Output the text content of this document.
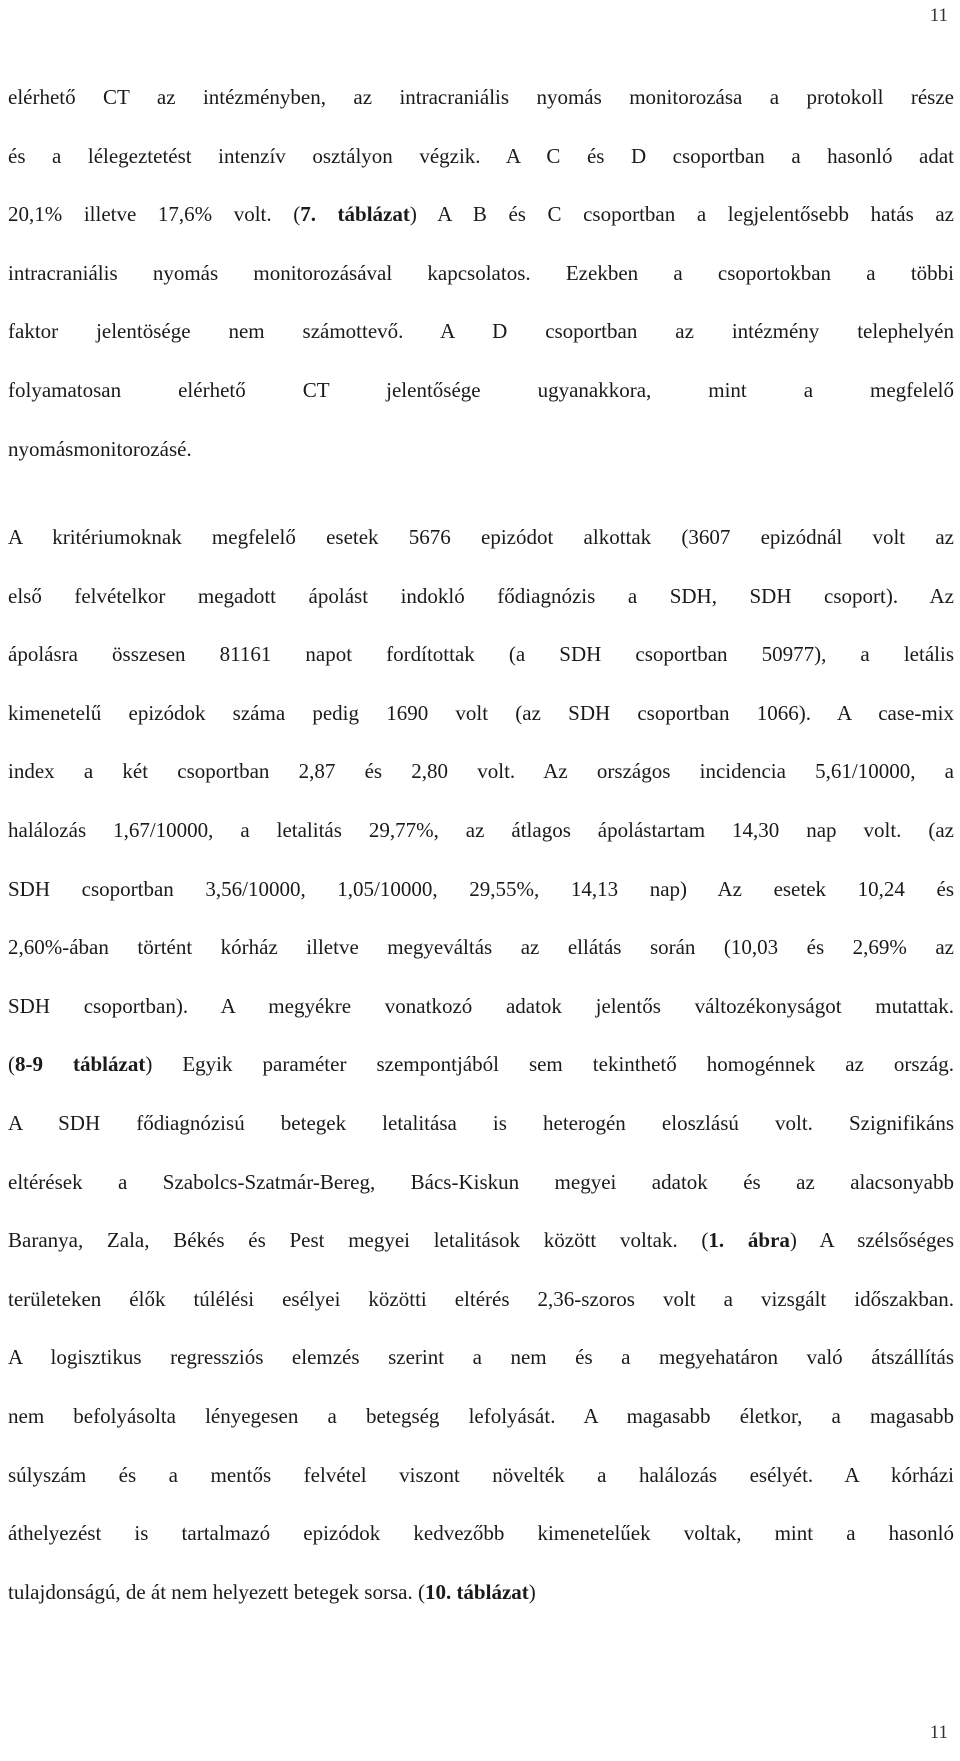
11
elérhető CT az intézményben, az intracraniális nyomás monitorozása a protokoll része
és a lélegeztetést intenzív osztályon végzik. A C és D csoportban a hasonló adat
20,1% illetve 17,6% volt. (7. táblázat) A B és C csoportban a legjelentősebb hatás az
intracraniális nyomás monitorozásával kapcsolatos. Ezekben a csoportokban a többi
faktor jelentösége nem számottevő. A D csoportban az intézmény telephelyén
folyamatosan elérhető CT jelentősége ugyanakkora, mint a megfelelő
nyomásmonitorozásé.
A kritériumoknak megfelelő esetek 5676 epizódot alkottak (3607 epizódnál volt az
első felvételkor megadott ápolást indokló fődiagnózis a SDH, SDH csoport). Az
ápolásra összesen 81161 napot fordítottak (a SDH csoportban 50977), a letális
kimenetelű epizódok száma pedig 1690 volt (az SDH csoportban 1066). A case-mix
index a két csoportban 2,87 és 2,80 volt. Az országos incidencia 5,61/10000, a
halálozás 1,67/10000, a letalitás 29,77%, az átlagos ápolástartam 14,30 nap volt. (az
SDH csoportban 3,56/10000, 1,05/10000, 29,55%, 14,13 nap) Az esetek 10,24 és
2,60%-ában történt kórház illetve megyeváltás az ellátás során (10,03 és 2,69% az
SDH csoportban). A megyékre vonatkozó adatok jelentős változékonyságot mutattak.
(8-9 táblázat) Egyik paraméter szempontjából sem tekinthető homogénnek az ország.
A SDH fődiagnózisú betegek letalitása is heterogén eloszlású volt. Szignifikáns
eltérések a Szabolcs-Szatmár-Bereg, Bács-Kiskun megyei adatok és az alacsonyabb
Baranya, Zala, Békés és Pest megyei letalitások között voltak. (1. ábra) A szélsőséges
területeken élők túlélési esélyei közötti eltérés 2,36-szoros volt a vizsgált időszakban.
A logisztikus regressziós elemzés szerint a nem és a megyehatáron való átszállítás
nem befolyásolta lényegesen a betegség lefolyását. A magasabb életkor, a magasabb
súlyszám és a mentős felvétel viszont növelték a halálozás esélyét. A kórházi
áthelyezést is tartalmazó epizódok kedvezőbb kimenetelűek voltak, mint a hasonló
tulajdonságú, de át nem helyezett betegek sorsa. (10. táblázat)
11
